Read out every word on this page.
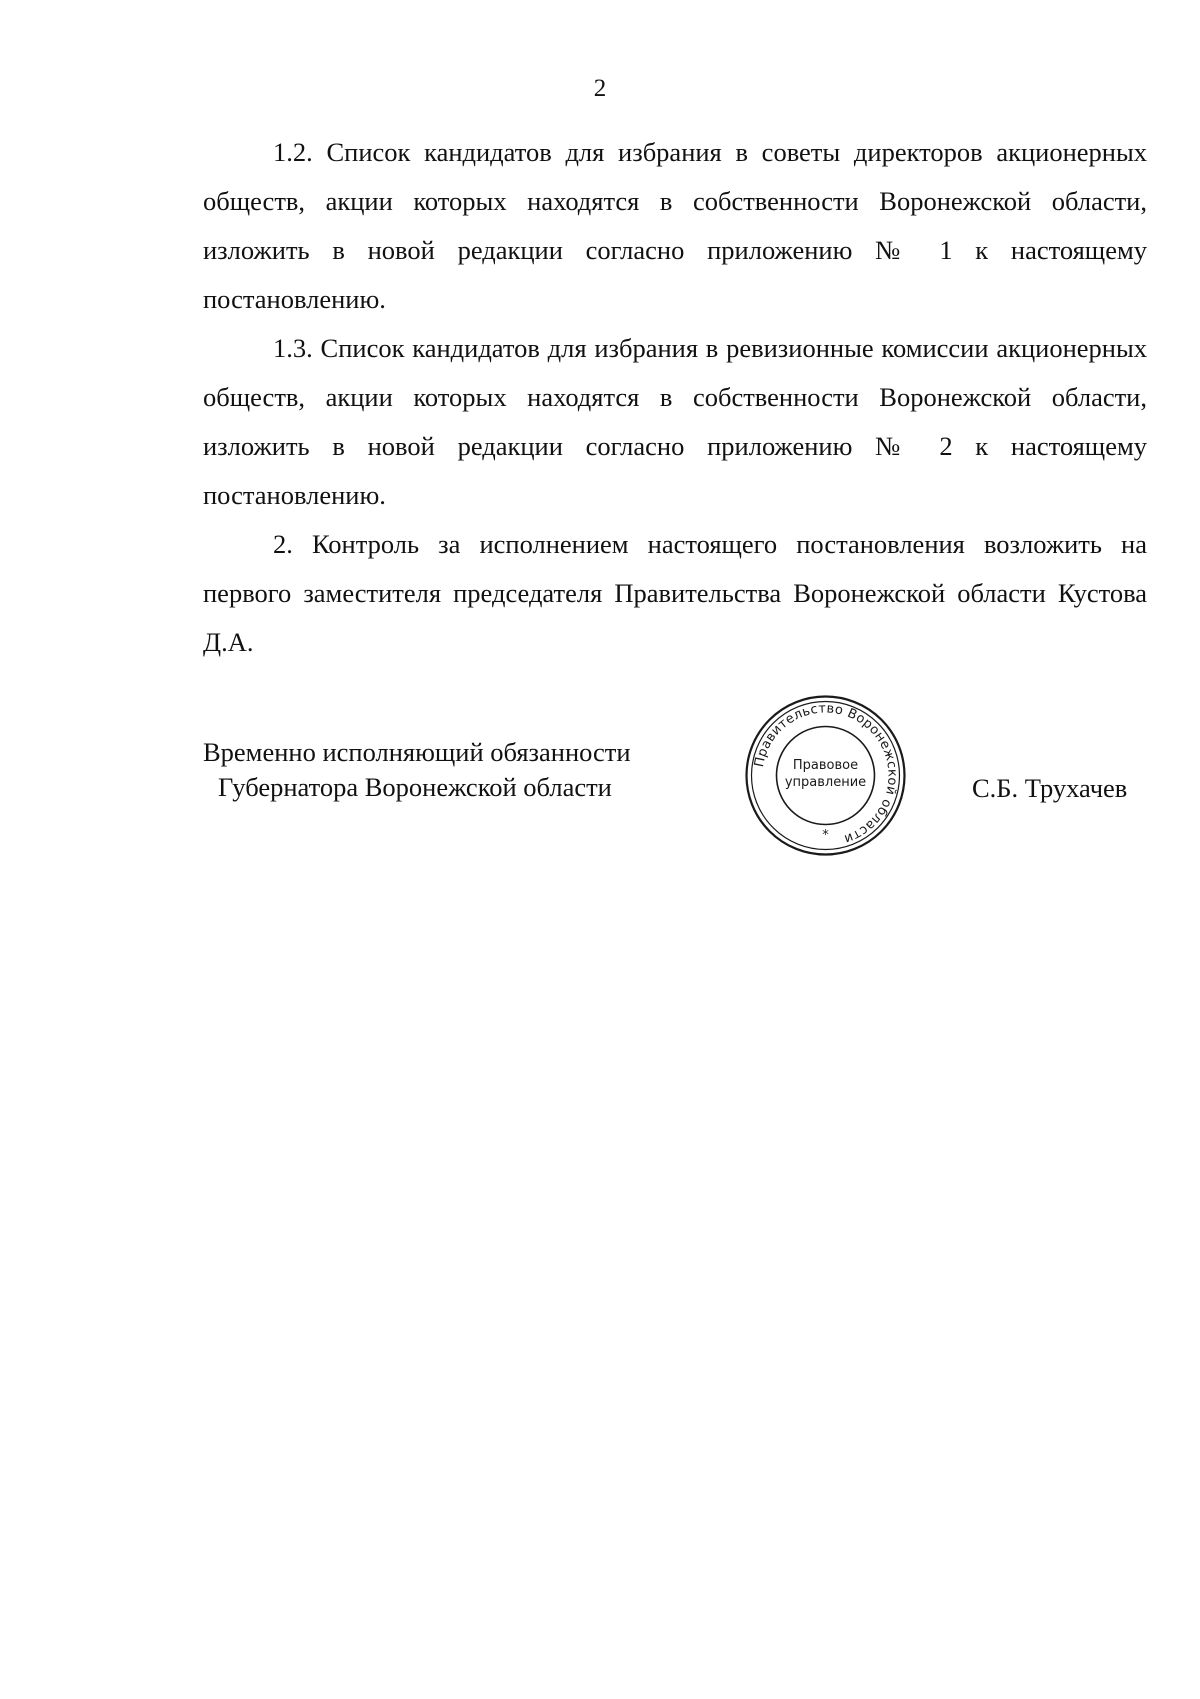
2

1.2. Список кандидатов для избрания в советы директоров акционерных обществ, акции которых находятся в собственности Воронежской области, изложить в новой редакции согласно приложению № 1 к настоящему постановлению.

1.3. Список кандидатов для избрания в ревизионные комиссии акционерных обществ, акции которых находятся в собственности Воронежской области, изложить в новой редакции согласно приложению № 2 к настоящему постановлению.

2. Контроль за исполнением настоящего постановления возложить на первого заместителя председателя Правительства Воронежской области Кустова Д.А.

Временно исполняющий обязанности
Губернатора Воронежской области
Правительство Воронежской области
Правовое
управление
*
С.Б. Трухачев
